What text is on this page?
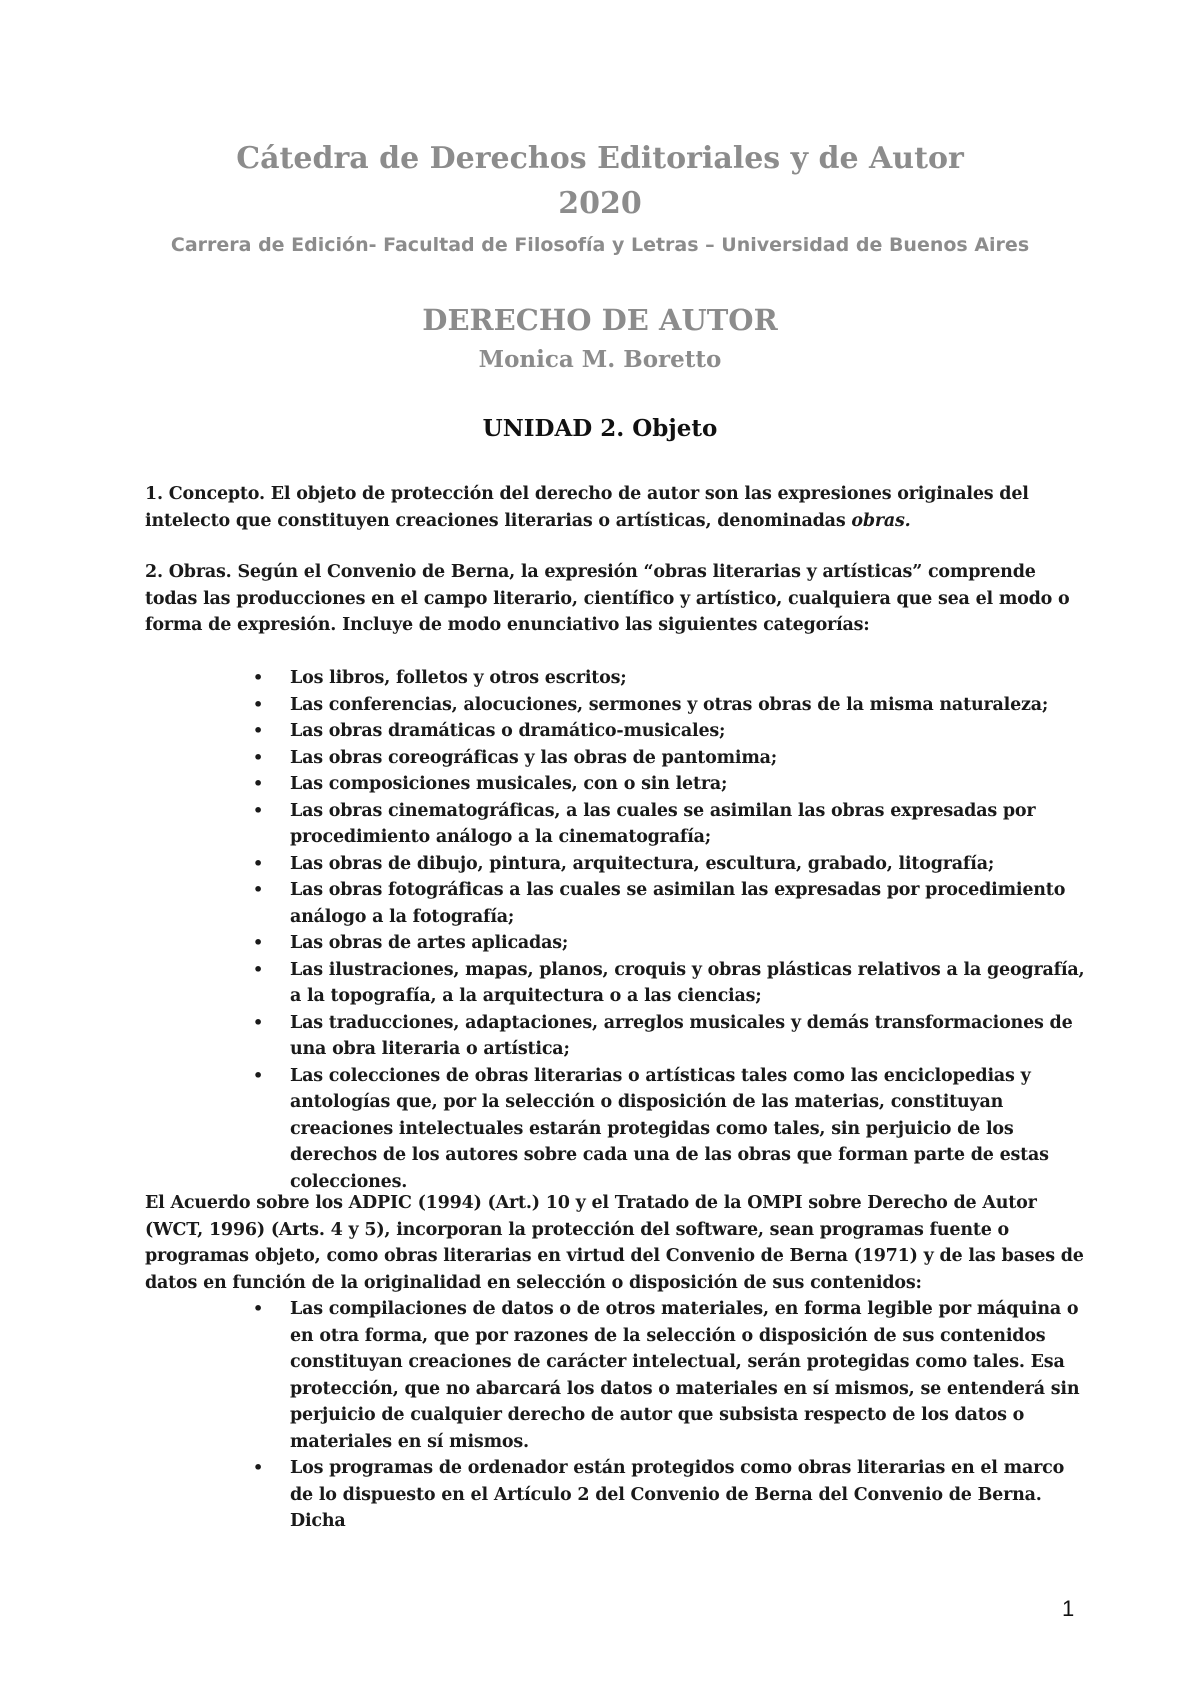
Cátedra de Derechos Editoriales y de Autor
2020
Carrera de Edición- Facultad de Filosofía y Letras – Universidad de Buenos Aires
DERECHO DE AUTOR
Monica M. Boretto
UNIDAD 2. Objeto

1. Concepto. El objeto de protección del derecho de autor son las expresiones originales del intelecto que constituyen creaciones literarias o artísticas, denominadas obras.

2. Obras. Según el Convenio de Berna, la expresión “obras literarias y artísticas” comprende todas las producciones en el campo literario, científico y artístico, cualquiera que sea el modo o forma de expresión. Incluye de modo enunciativo las siguientes categorías:

• Los libros, folletos y otros escritos;
• Las conferencias, alocuciones, sermones y otras obras de la misma naturaleza;
• Las obras dramáticas o dramático-musicales;
• Las obras coreográficas y las obras de pantomima;
• Las composiciones musicales, con o sin letra;
• Las obras cinematográficas, a las cuales se asimilan las obras expresadas por procedimiento análogo a la cinematografía;
• Las obras de dibujo, pintura, arquitectura, escultura, grabado, litografía;
• Las obras fotográficas a las cuales se asimilan las expresadas por procedimiento análogo a la fotografía;
• Las obras de artes aplicadas;
• Las ilustraciones, mapas, planos, croquis y obras plásticas relativos a la geografía, a la topografía, a la arquitectura o a las ciencias;
• Las traducciones, adaptaciones, arreglos musicales y demás transformaciones de una obra literaria o artística;
• Las colecciones de obras literarias o artísticas tales como las enciclopedias y antologías que, por la selección o disposición de las materias, constituyan creaciones intelectuales estarán protegidas como tales, sin perjuicio de los derechos de los autores sobre cada una de las obras que forman parte de estas colecciones.

El Acuerdo sobre los ADPIC (1994) (Art.) 10 y el Tratado de la OMPI sobre Derecho de Autor (WCT, 1996) (Arts. 4 y 5), incorporan la protección del software, sean programas fuente o programas objeto, como obras literarias en virtud del Convenio de Berna (1971) y de las bases de datos en función de la originalidad en selección o disposición de sus contenidos:

• Las compilaciones de datos o de otros materiales, en forma legible por máquina o en otra forma, que por razones de la selección o disposición de sus contenidos constituyan creaciones de carácter intelectual, serán protegidas como tales. Esa protección, que no abarcará los datos o materiales en sí mismos, se entenderá sin perjuicio de cualquier derecho de autor que subsista respecto de los datos o materiales en sí mismos.
• Los programas de ordenador están protegidos como obras literarias en el marco de lo dispuesto en el Artículo 2 del Convenio de Berna del Convenio de Berna. Dicha
1
